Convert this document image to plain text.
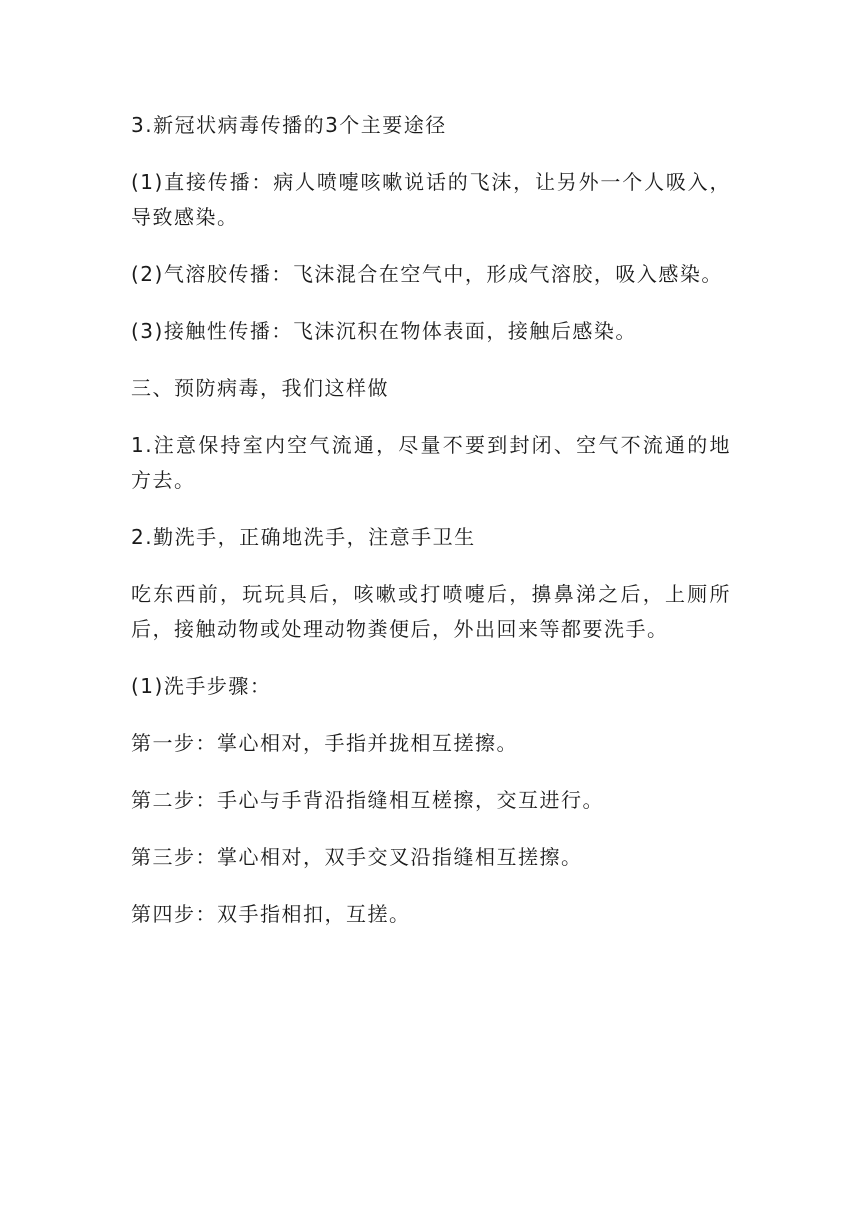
3.新冠状病毒传播的3个主要途径

(1)直接传播：病人喷嚏咳嗽说话的飞沫，让另外一个人吸入，导致感染。

(2)气溶胶传播：飞沫混合在空气中，形成气溶胶，吸入感染。

(3)接触性传播：飞沫沉积在物体表面，接触后感染。

三、预防病毒，我们这样做

1.注意保持室内空气流通，尽量不要到封闭、空气不流通的地方去。

2.勤洗手，正确地洗手，注意手卫生

吃东西前，玩玩具后，咳嗽或打喷嚏后，擤鼻涕之后，上厕所后，接触动物或处理动物粪便后，外出回来等都要洗手。

(1)洗手步骤：

第一步：掌心相对，手指并拢相互搓擦。

第二步：手心与手背沿指缝相互槎擦，交互进行。

第三步：掌心相对，双手交叉沿指缝相互搓擦。

第四步：双手指相扣，互搓。
